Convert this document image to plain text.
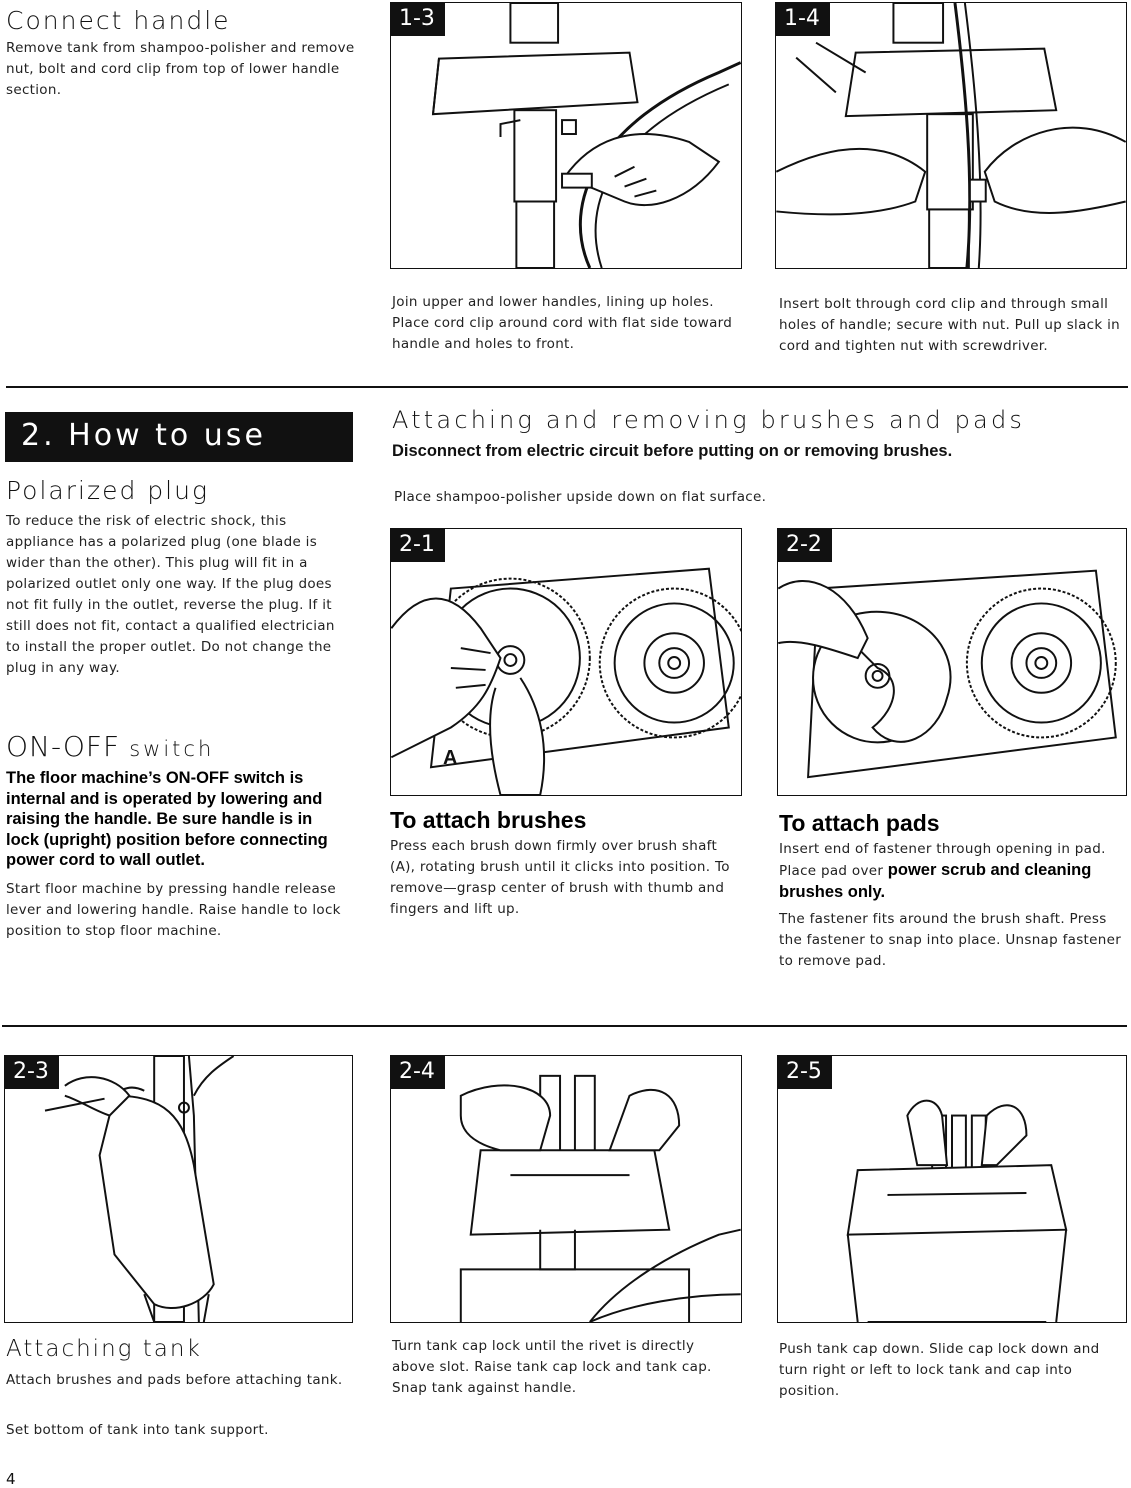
Connect handle
Remove tank from shampoo-polisher and remove nut, bolt and cord clip from top of lower handle section.
1-3
Join upper and lower handles, lining up holes. Place cord clip around cord with flat side toward handle and holes to front.
1-4
Insert bolt through cord clip and through small holes of handle; secure with nut. Pull up slack in cord and tighten nut with screwdriver.
2. How to use
Polarized plug
To reduce the risk of electric shock, this appliance has a polarized plug (one blade is wider than the other). This plug will fit in a polarized outlet only one way. If the plug does not fit fully in the outlet, reverse the plug. If it still does not fit, contact a qualified electrician to install the proper outlet. Do not change the plug in any way.
ON-OFF switch
The floor machine’s ON-OFF switch is internal and is operated by lowering and raising the handle. Be sure handle is in lock (upright) position before connecting power cord to wall outlet.
Start floor machine by pressing handle release lever and lowering handle. Raise handle to lock position to stop floor machine.
Attaching and removing brushes and pads
Disconnect from electric circuit before putting on or removing brushes.
Place shampoo-polisher upside down on flat surface.
2-1
A
2-2
To attach brushes
Press each brush down firmly over brush shaft (A), rotating brush until it clicks into position. To remove—grasp center of brush with thumb and fingers and lift up.
To attach pads
Insert end of fastener through opening in pad. Place pad over power scrub and cleaning brushes only.
The fastener fits around the brush shaft. Press the fastener to snap into place. Unsnap fastener to remove pad.
2-3
Attaching tank
Attach brushes and pads before attaching tank.
Set bottom of tank into tank support.
2-4
Turn tank cap lock until the rivet is directly above slot. Raise tank cap lock and tank cap. Snap tank against handle.
2-5
Push tank cap down. Slide cap lock down and turn right or left to lock tank and cap into position.
4
